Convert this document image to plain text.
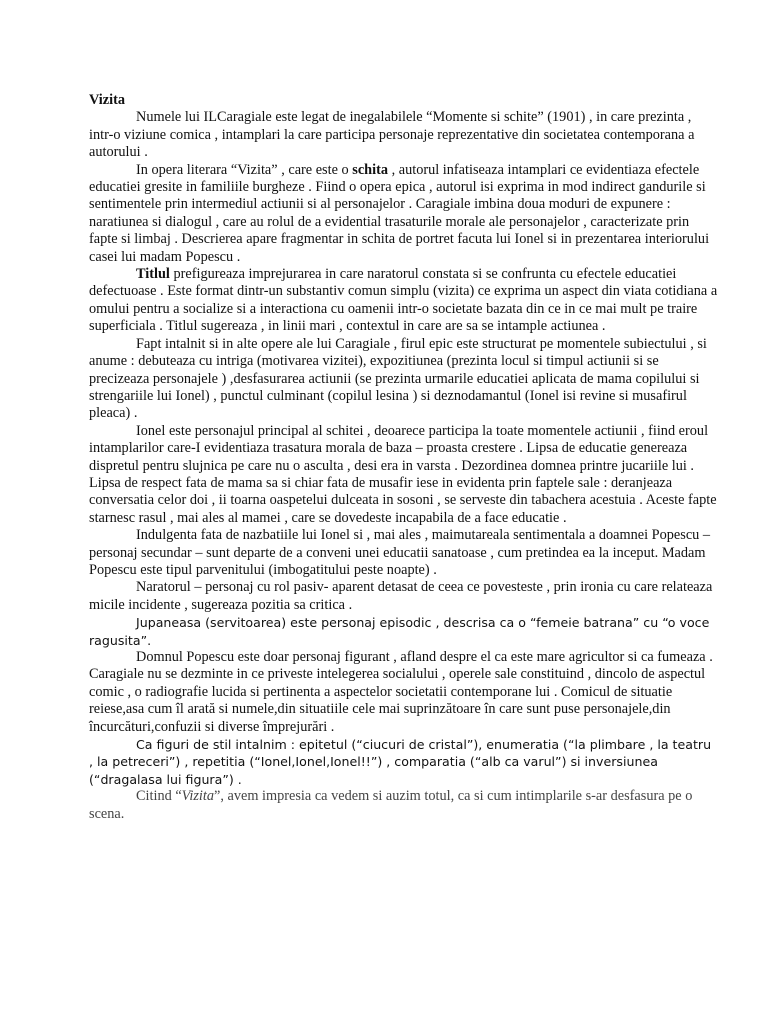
Vizita

Numele lui ILCaragiale este legat de inegalabilele “Momente si schite” (1901) , in care prezinta , intr-o viziune comica , intamplari la care participa personaje reprezentative din societatea contemporana a autorului .

In opera literara “Vizita” , care este o schita , autorul infatiseaza intamplari ce evidentiaza efectele educatiei gresite in familiile burgheze . Fiind o opera epica , autorul isi exprima in mod indirect gandurile si sentimentele prin intermediul actiunii si al personajelor . Caragiale imbina doua moduri de expunere : naratiunea si dialogul , care au rolul de a evidential trasaturile morale ale personajelor , caracterizate prin fapte si limbaj . Descrierea apare fragmentar in schita de portret facuta lui Ionel si in prezentarea interiorului casei lui madam Popescu .

Titlul prefigureaza imprejurarea in care naratorul constata si se confrunta cu efectele educatiei defectuoase . Este format dintr-un substantiv comun simplu (vizita) ce exprima un aspect din viata cotidiana a omului pentru a socialize si a interactiona cu oamenii intr-o societate bazata din ce in ce mai mult pe traire superficiala . Titlul sugereaza , in linii mari , contextul in care are sa se intample actiunea .

Fapt intalnit si in alte opere ale lui Caragiale , firul epic este structurat pe momentele subiectului , si anume : debuteaza cu intriga (motivarea vizitei), expozitiunea (prezinta locul si timpul actiunii si se precizeaza personajele ) ,desfasurarea actiunii (se prezinta urmarile educatiei aplicata de mama copilului si strengariile lui Ionel) , punctul culminant (copilul lesina ) si deznodamantul (Ionel isi revine si musafirul pleaca) .

Ionel este personajul principal al schitei , deoarece participa la toate momentele actiunii , fiind eroul intamplarilor care-I evidentiaza trasatura morala de baza – proasta crestere . Lipsa de educatie genereaza dispretul pentru slujnica pe care nu o asculta , desi era in varsta . Dezordinea domnea printre jucariile lui . Lipsa de respect fata de mama sa si chiar fata de musafir iese in evidenta prin faptele sale : deranjeaza conversatia celor doi , ii toarna oaspetelui dulceata in sosoni , se serveste din tabachera acestuia . Aceste fapte starnesc rasul , mai ales al mamei , care se dovedeste incapabila de a face educatie .

Indulgenta fata de nazbatiile lui Ionel si , mai ales , maimutareala sentimentala a doamnei Popescu – personaj secundar – sunt departe de a conveni unei educatii sanatoase , cum pretindea ea la inceput. Madam Popescu este tipul parvenitului (imbogatitului peste noapte) .

Naratorul – personaj cu rol pasiv- aparent detasat de ceea ce povesteste , prin ironia cu care relateaza micile incidente , sugereaza pozitia sa critica .

Jupaneasa (servitoarea) este personaj episodic , descrisa ca o “femeie batrana” cu “o voce ragusita”.

Domnul Popescu este doar personaj figurant , afland despre el ca este mare agricultor si ca fumeaza .

Caragiale nu se dezminte in ce priveste intelegerea socialului , operele sale constituind , dincolo de aspectul comic , o radiografie lucida si pertinenta a aspectelor societatii contemporane lui . Comicul de situatie reiese,asa cum îl arată si numele,din situatiile cele mai suprinzătoare în care sunt puse personajele,din încurcături,confuzii si diverse împrejurări .

Ca figuri de stil intalnim : epitetul (“ciucuri de cristal”), enumeratia (“la plimbare , la teatru , la petreceri”) , repetitia (“Ionel,Ionel,Ionel!!”) , comparatia (“alb ca varul”) si inversiunea (“dragalasa lui figura”) .

Citind “Vizita”, avem impresia ca vedem si auzim totul, ca si cum intimplarile s-ar desfasura pe o scena.
